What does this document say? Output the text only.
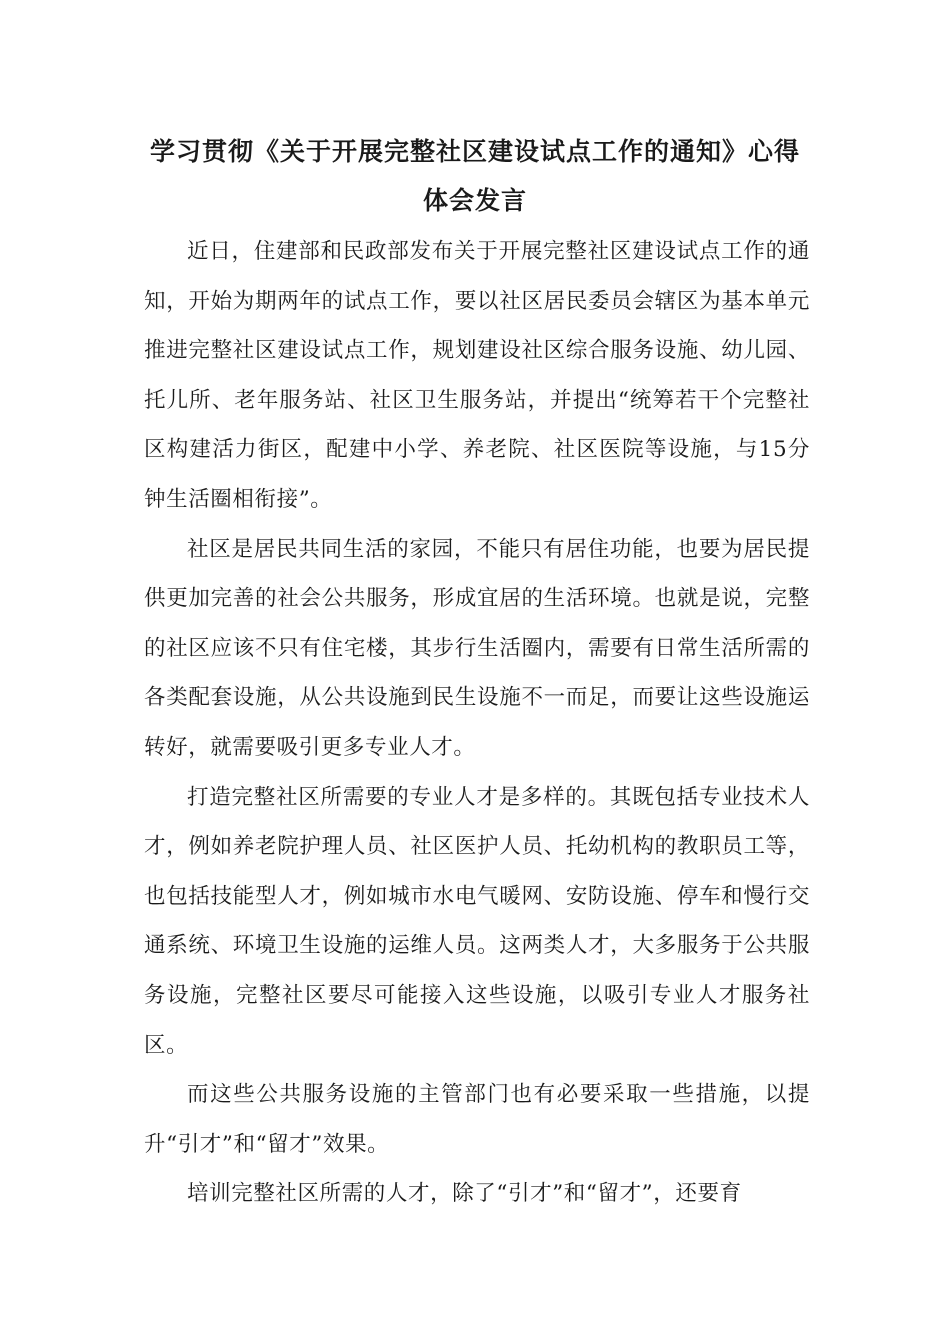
学习贯彻《关于开展完整社区建设试点工作的通知》心得
体会发言

近日，住建部和民政部发布关于开展完整社区建设试点工作的通知，开始为期两年的试点工作，要以社区居民委员会辖区为基本单元推进完整社区建设试点工作，规划建设社区综合服务设施、幼儿园、托儿所、老年服务站、社区卫生服务站，并提出“统筹若干个完整社区构建活力街区，配建中小学、养老院、社区医院等设施，与15分钟生活圈相衔接”。

社区是居民共同生活的家园，不能只有居住功能，也要为居民提供更加完善的社会公共服务，形成宜居的生活环境。也就是说，完整的社区应该不只有住宅楼，其步行生活圈内，需要有日常生活所需的各类配套设施，从公共设施到民生设施不一而足，而要让这些设施运转好，就需要吸引更多专业人才。

打造完整社区所需要的专业人才是多样的。其既包括专业技术人才，例如养老院护理人员、社区医护人员、托幼机构的教职员工等，也包括技能型人才，例如城市水电气暖网、安防设施、停车和慢行交通系统、环境卫生设施的运维人员。这两类人才，大多服务于公共服务设施，完整社区要尽可能接入这些设施，以吸引专业人才服务社区。

而这些公共服务设施的主管部门也有必要采取一些措施，以提升“引才”和“留才”效果。

培训完整社区所需的人才，除了“引才”和“留才”，还要育
